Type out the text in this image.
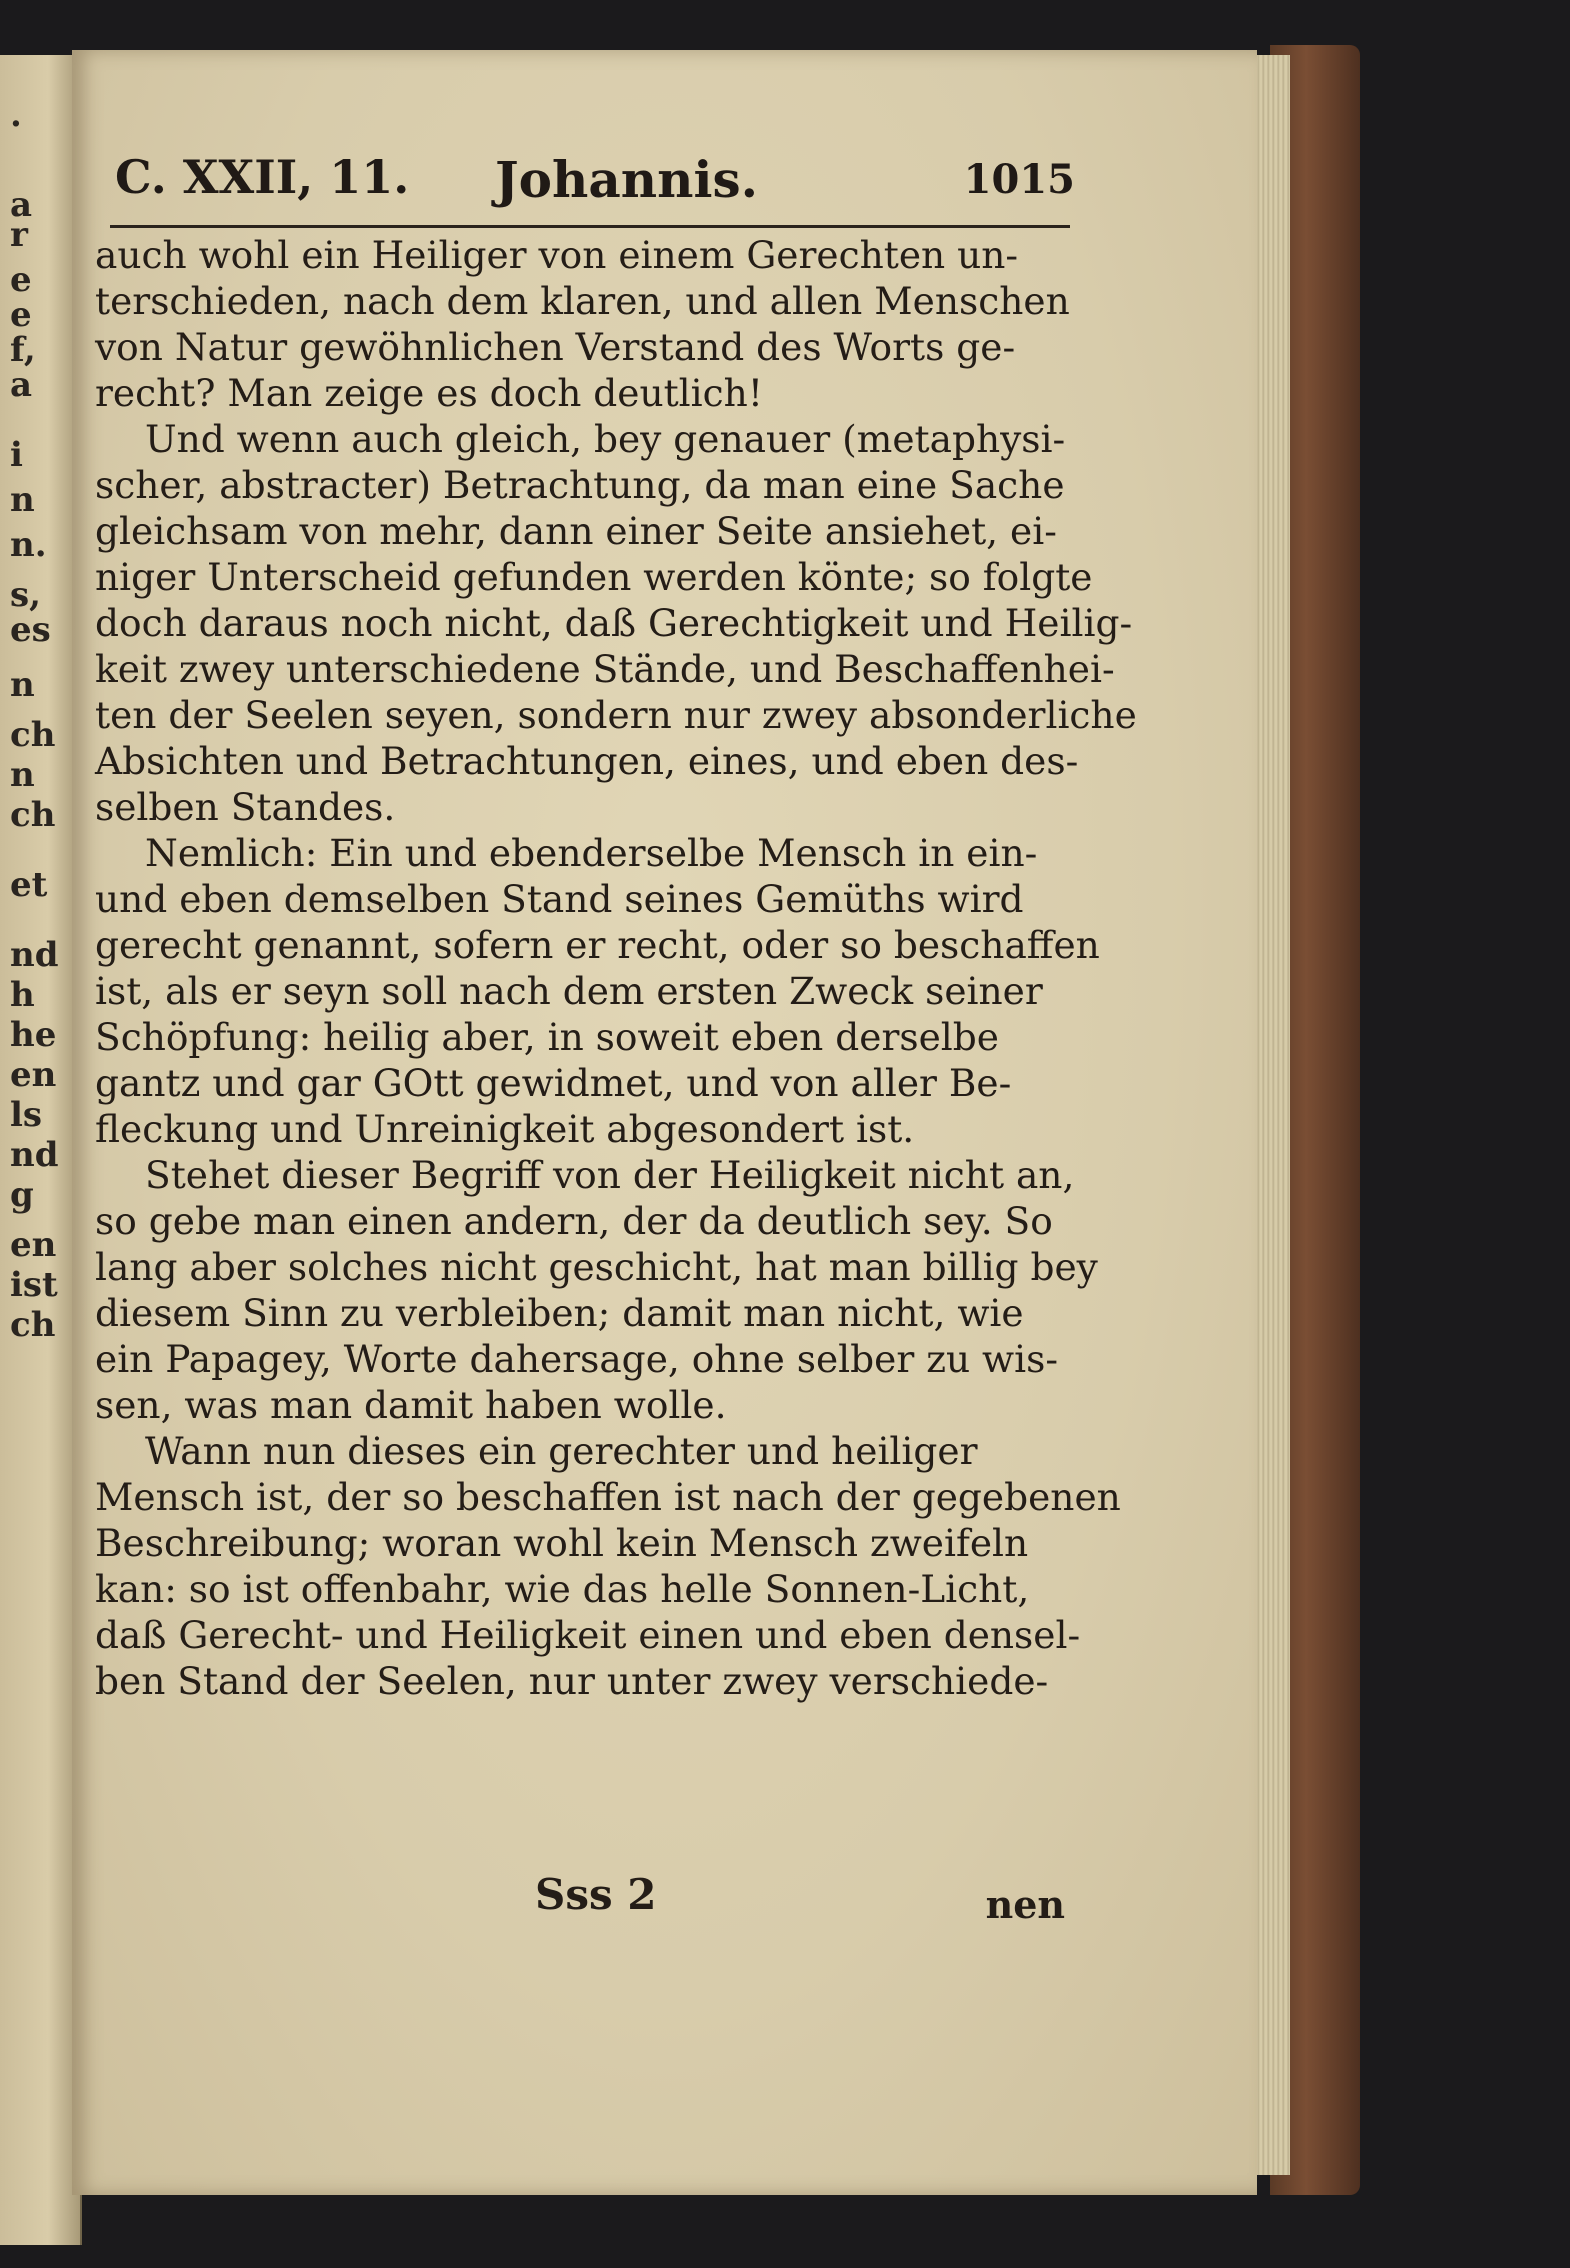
.
a
r
e
e
f,
a
i
n
n.
s,
es
n
ch
n
ch
et
nd
h
he
en
ls
nd
g
en
ist
ch
C. XXII, 11. Johannis.	1015
auch wohl ein Heiliger von einem Gerechten un-
terschieden, nach dem klaren, und allen Menschen
von Natur gewöhnlichen Verstand des Worts ge-
recht? Man zeige es doch deutlich!
Und wenn auch gleich, bey genauer (metaphysi-
scher, abstracter) Betrachtung, da man eine Sache
gleichsam von mehr, dann einer Seite ansiehet, ei-
niger Unterscheid gefunden werden könte; so folgte
doch daraus noch nicht, daß Gerechtigkeit und Heilig-
keit zwey unterschiedene Stände, und Beschaffenhei-
ten der Seelen seyen, sondern nur zwey absonderliche
Absichten und Betrachtungen, eines, und eben des-
selben Standes.
Nemlich: Ein und ebenderselbe Mensch in ein-
und eben demselben Stand seines Gemüths wird
gerecht genannt, sofern er recht, oder so beschaffen
ist, als er seyn soll nach dem ersten Zweck seiner
Schöpfung: heilig aber, in soweit eben derselbe
gantz und gar GOtt gewidmet, und von aller Be-
fleckung und Unreinigkeit abgesondert ist.
Stehet dieser Begriff von der Heiligkeit nicht an,
so gebe man einen andern, der da deutlich sey. So
lang aber solches nicht geschicht, hat man billig bey
diesem Sinn zu verbleiben; damit man nicht, wie
ein Papagey, Worte dahersage, ohne selber zu wis-
sen, was man damit haben wolle.
Wann nun dieses ein gerechter und heiliger
Mensch ist, der so beschaffen ist nach der gegebenen
Beschreibung; woran wohl kein Mensch zweifeln
kan: so ist offenbahr, wie das helle Sonnen-Licht,
daß Gerecht- und Heiligkeit einen und eben densel-
ben Stand der Seelen, nur unter zwey verschiede-
Sss 2	nen
